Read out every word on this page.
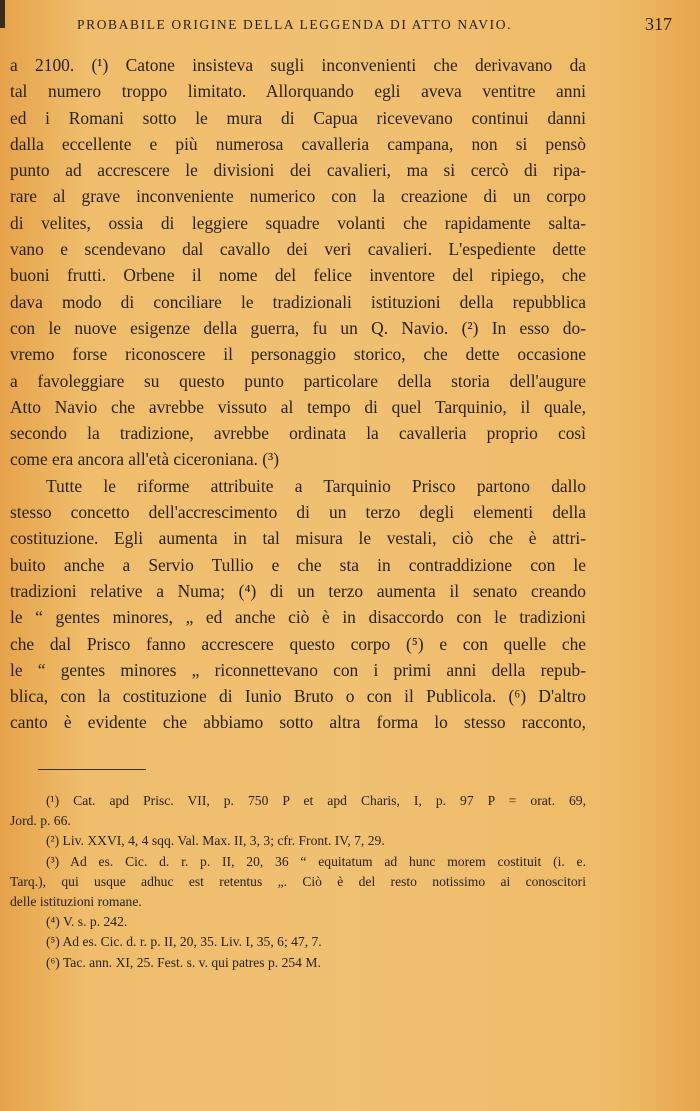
PROBABILE ORIGINE DELLA LEGGENDA DI ATTO NAVIO.	317
a 2100. (¹) Catone insisteva sugli inconvenienti che derivavano da
tal numero troppo limitato. Allorquando egli aveva ventitre anni
ed i Romani sotto le mura di Capua ricevevano continui danni
dalla eccellente e più numerosa cavalleria campana, non si pensò
punto ad accrescere le divisioni dei cavalieri, ma si cercò di ripa-
rare al grave inconveniente numerico con la creazione di un corpo
di velites, ossia di leggiere squadre volanti che rapidamente salta-
vano e scendevano dal cavallo dei veri cavalieri. L'espediente dette
buoni frutti. Orbene il nome del felice inventore del ripiego, che
dava modo di conciliare le tradizionali istituzioni della repubblica
con le nuove esigenze della guerra, fu un Q. Navio. (²) In esso do-
vremo forse riconoscere il personaggio storico, che dette occasione
a favoleggiare su questo punto particolare della storia dell'augure
Atto Navio che avrebbe vissuto al tempo di quel Tarquinio, il quale,
secondo la tradizione, avrebbe ordinata la cavalleria proprio così
come era ancora all'età ciceroniana. (³)
Tutte le riforme attribuite a Tarquinio Prisco partono dallo
stesso concetto dell'accrescimento di un terzo degli elementi della
costituzione. Egli aumenta in tal misura le vestali, ciò che è attri-
buito anche a Servio Tullio e che sta in contraddizione con le
tradizioni relative a Numa; (⁴) di un terzo aumenta il senato creando
le “ gentes minores, „ ed anche ciò è in disaccordo con le tradizioni
che dal Prisco fanno accrescere questo corpo (⁵) e con quelle che
le “ gentes minores „ riconnettevano con i primi anni della repub-
blica, con la costituzione di Iunio Bruto o con il Publicola. (⁶) D'altro
canto è evidente che abbiamo sotto altra forma lo stesso racconto,
(¹) Cat. apd Prisc. VII, p. 750 P et apd Charis, I, p. 97 P = orat. 69,
Jord. p. 66.
(²) Liv. XXVI, 4, 4 sqq. Val. Max. II, 3, 3; cfr. Front. IV, 7, 29.
(³) Ad es. Cic. d. r. p. II, 20, 36 “ equitatum ad hunc morem costituit (i. e.
Tarq.), qui usque adhuc est retentus „. Ciò è del resto notissimo ai conoscitori
delle istituzioni romane.
(⁴) V. s. p. 242.
(⁵) Ad es. Cic. d. r. p. II, 20, 35. Liv. I, 35, 6; 47, 7.
(⁶) Tac. ann. XI, 25. Fest. s. v. qui patres p. 254 M.
